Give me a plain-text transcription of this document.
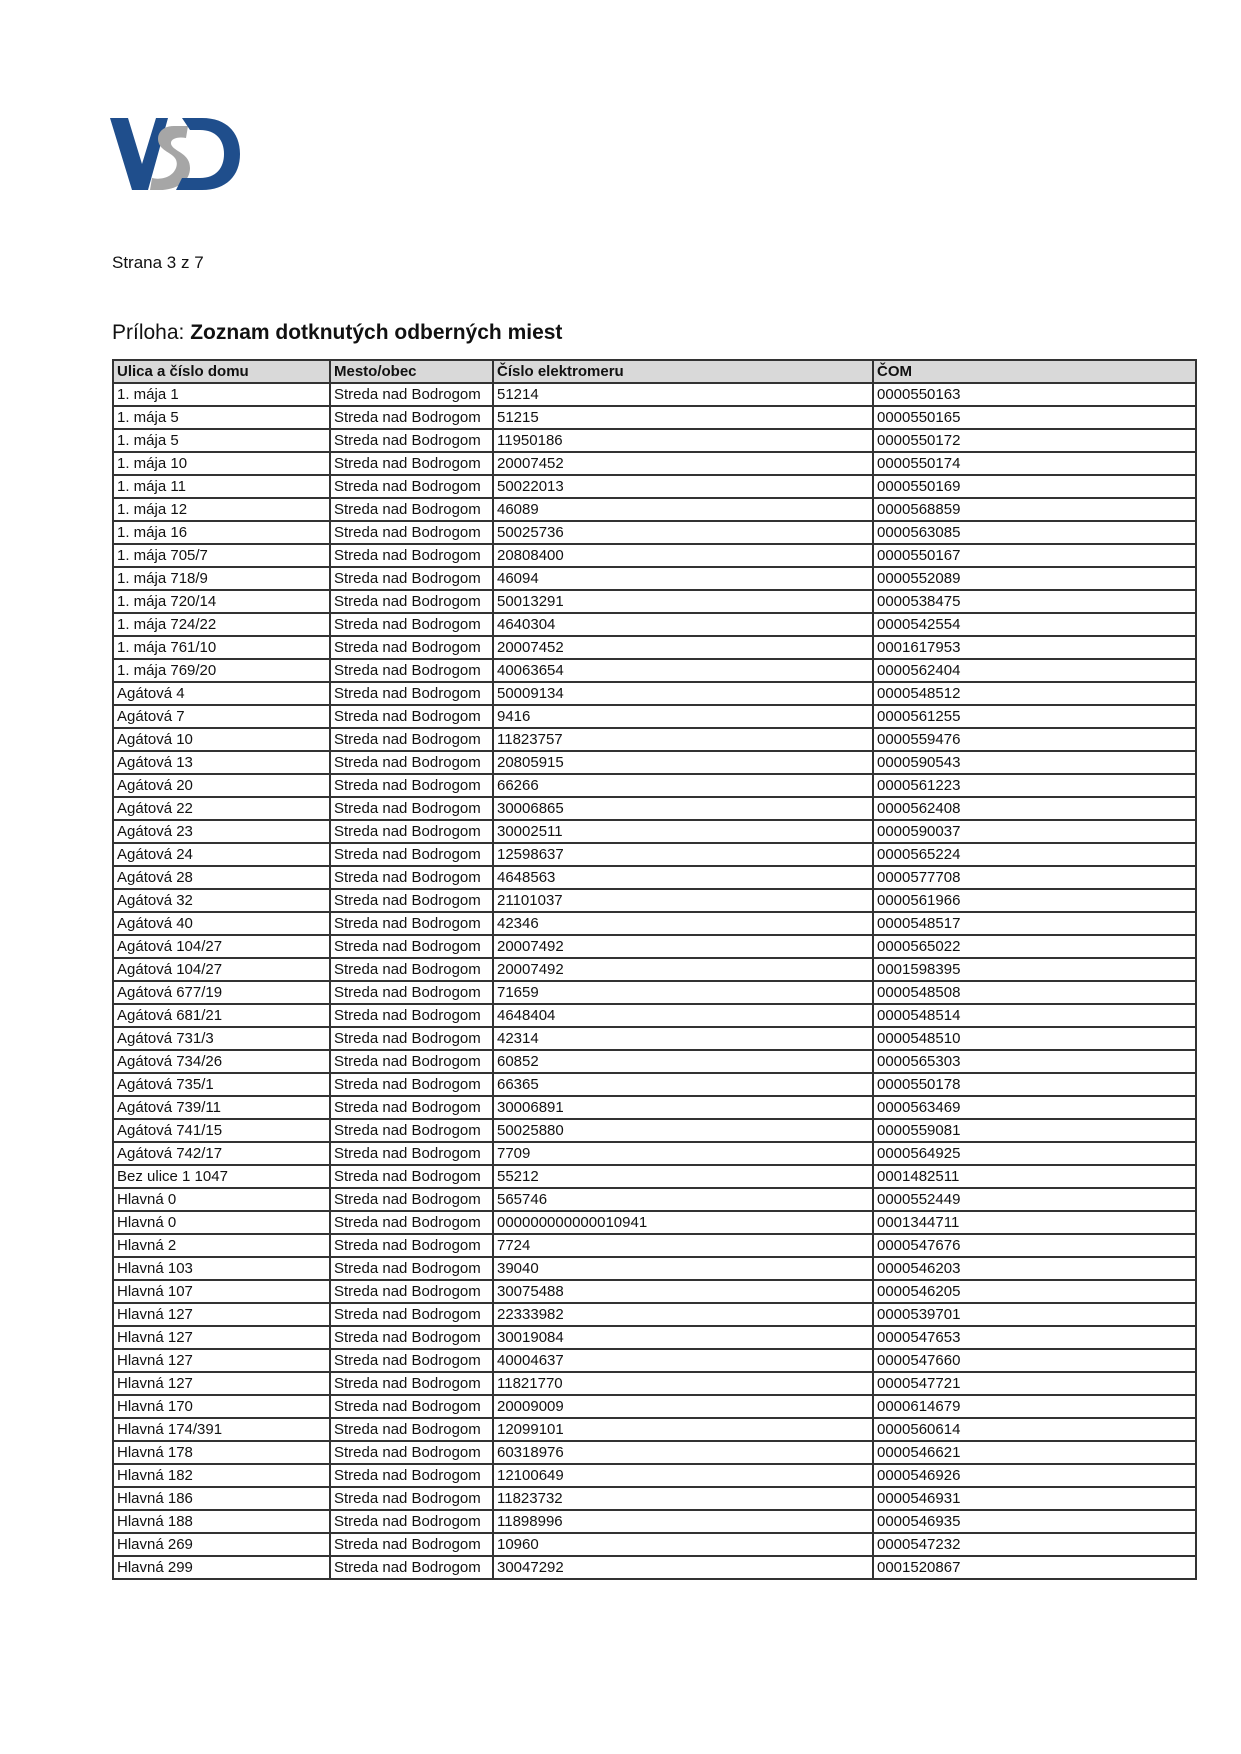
Strana 3 z 7
Príloha: Zoznam dotknutých odberných miest
Ulica a číslo domu	Mesto/obec	Číslo elektromeru	ČOM
1. mája 1	Streda nad Bodrogom	51214	0000550163
1. mája 5	Streda nad Bodrogom	51215	0000550165
1. mája 5	Streda nad Bodrogom	11950186	0000550172
1. mája 10	Streda nad Bodrogom	20007452	0000550174
1. mája 11	Streda nad Bodrogom	50022013	0000550169
1. mája 12	Streda nad Bodrogom	46089	0000568859
1. mája 16	Streda nad Bodrogom	50025736	0000563085
1. mája 705/7	Streda nad Bodrogom	20808400	0000550167
1. mája 718/9	Streda nad Bodrogom	46094	0000552089
1. mája 720/14	Streda nad Bodrogom	50013291	0000538475
1. mája 724/22	Streda nad Bodrogom	4640304	0000542554
1. mája 761/10	Streda nad Bodrogom	20007452	0001617953
1. mája 769/20	Streda nad Bodrogom	40063654	0000562404
Agátová 4	Streda nad Bodrogom	50009134	0000548512
Agátová 7	Streda nad Bodrogom	9416	0000561255
Agátová 10	Streda nad Bodrogom	11823757	0000559476
Agátová 13	Streda nad Bodrogom	20805915	0000590543
Agátová 20	Streda nad Bodrogom	66266	0000561223
Agátová 22	Streda nad Bodrogom	30006865	0000562408
Agátová 23	Streda nad Bodrogom	30002511	0000590037
Agátová 24	Streda nad Bodrogom	12598637	0000565224
Agátová 28	Streda nad Bodrogom	4648563	0000577708
Agátová 32	Streda nad Bodrogom	21101037	0000561966
Agátová 40	Streda nad Bodrogom	42346	0000548517
Agátová 104/27	Streda nad Bodrogom	20007492	0000565022
Agátová 104/27	Streda nad Bodrogom	20007492	0001598395
Agátová 677/19	Streda nad Bodrogom	71659	0000548508
Agátová 681/21	Streda nad Bodrogom	4648404	0000548514
Agátová 731/3	Streda nad Bodrogom	42314	0000548510
Agátová 734/26	Streda nad Bodrogom	60852	0000565303
Agátová 735/1	Streda nad Bodrogom	66365	0000550178
Agátová 739/11	Streda nad Bodrogom	30006891	0000563469
Agátová 741/15	Streda nad Bodrogom	50025880	0000559081
Agátová 742/17	Streda nad Bodrogom	7709	0000564925
Bez ulice 1 1047	Streda nad Bodrogom	55212	0001482511
Hlavná 0	Streda nad Bodrogom	565746	0000552449
Hlavná 0	Streda nad Bodrogom	000000000000010941	0001344711
Hlavná 2	Streda nad Bodrogom	7724	0000547676
Hlavná 103	Streda nad Bodrogom	39040	0000546203
Hlavná 107	Streda nad Bodrogom	30075488	0000546205
Hlavná 127	Streda nad Bodrogom	22333982	0000539701
Hlavná 127	Streda nad Bodrogom	30019084	0000547653
Hlavná 127	Streda nad Bodrogom	40004637	0000547660
Hlavná 127	Streda nad Bodrogom	11821770	0000547721
Hlavná 170	Streda nad Bodrogom	20009009	0000614679
Hlavná 174/391	Streda nad Bodrogom	12099101	0000560614
Hlavná 178	Streda nad Bodrogom	60318976	0000546621
Hlavná 182	Streda nad Bodrogom	12100649	0000546926
Hlavná 186	Streda nad Bodrogom	11823732	0000546931
Hlavná 188	Streda nad Bodrogom	11898996	0000546935
Hlavná 269	Streda nad Bodrogom	10960	0000547232
Hlavná 299	Streda nad Bodrogom	30047292	0001520867
